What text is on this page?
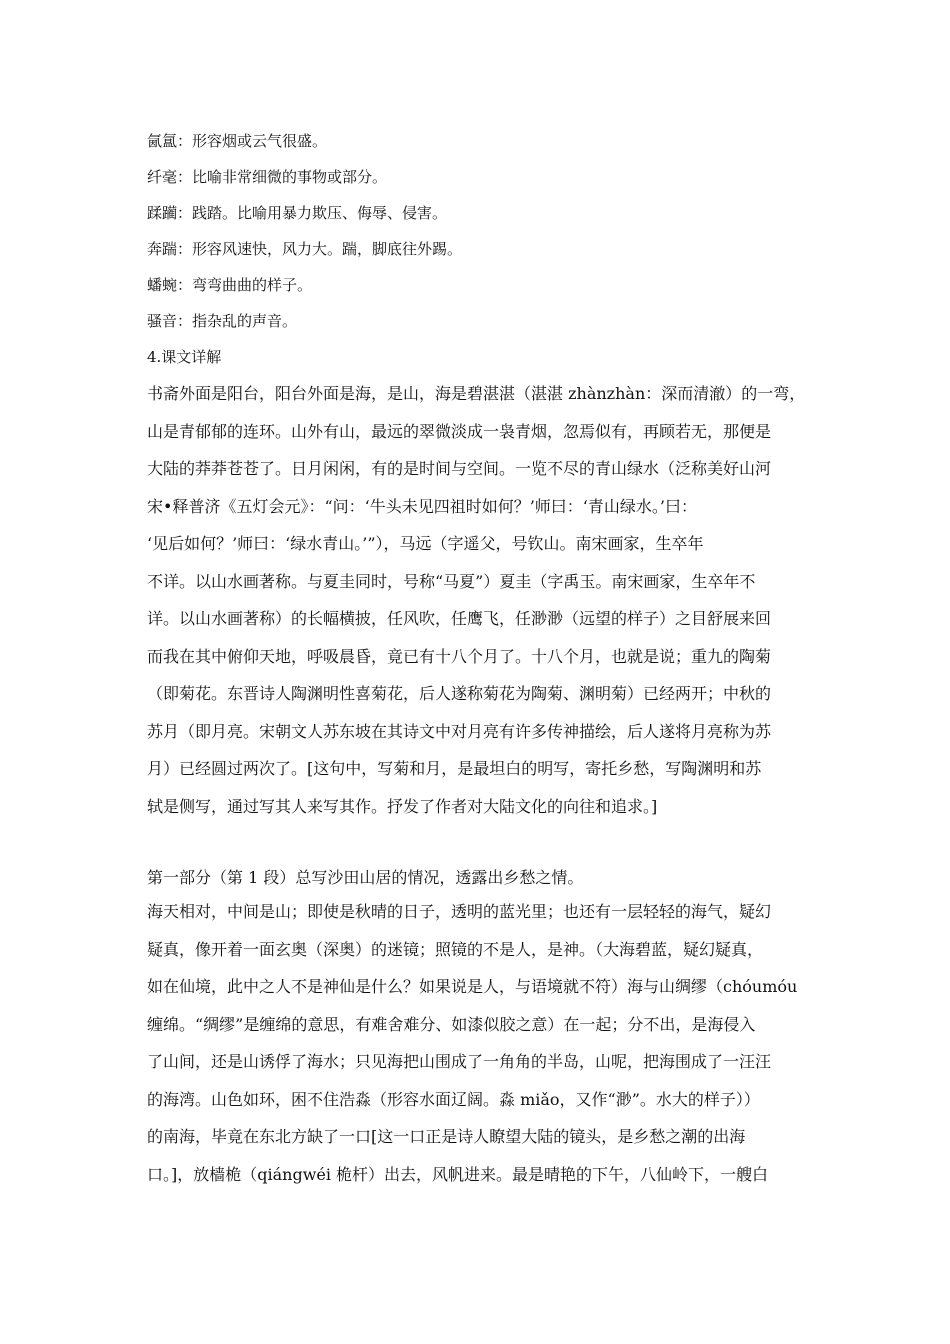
氤氲：形容烟或云气很盛。
纤毫：比喻非常细微的事物或部分。
蹂躏：践踏。比喻用暴力欺压、侮辱、侵害。
奔踹：形容风速快，风力大。踹，脚底往外踢。
蟠蜿：弯弯曲曲的样子。
骚音：指杂乱的声音。
4.课文详解
书斋外面是阳台，阳台外面是海，是山，海是碧湛湛（湛湛 zhànzhàn：深而清澈）的一弯，
山是青郁郁的连环。山外有山，最远的翠微淡成一袅青烟，忽焉似有，再顾若无，那便是
大陆的莽莽苍苍了。日月闲闲，有的是时间与空间。一览不尽的青山绿水（泛称美好山河
宋•释普济《五灯会元》：“问：‘牛头未见四祖时如何？’师曰：‘青山绿水。’曰：
‘见后如何？’师曰：‘绿水青山。’”），马远（字遥父，号钦山。南宋画家，生卒年
不详。以山水画著称。与夏圭同时，号称“马夏”）夏圭（字禹玉。南宋画家，生卒年不
详。以山水画著称）的长幅横披，任风吹，任鹰飞，任渺渺（远望的样子）之目舒展来回
而我在其中俯仰天地，呼吸晨昏，竟已有十八个月了。十八个月，也就是说；重九的陶菊
（即菊花。东晋诗人陶渊明性喜菊花，后人遂称菊花为陶菊、渊明菊）已经两开；中秋的
苏月（即月亮。宋朝文人苏东坡在其诗文中对月亮有许多传神描绘，后人遂将月亮称为苏
月）已经圆过两次了。[这句中，写菊和月，是最坦白的明写，寄托乡愁，写陶渊明和苏
轼是侧写，通过写其人来写其作。抒发了作者对大陆文化的向往和追求。]
第一部分（第 1 段）总写沙田山居的情况，透露出乡愁之情。
海天相对，中间是山；即使是秋晴的日子，透明的蓝光里；也还有一层轻轻的海气，疑幻
疑真，像开着一面玄奥（深奥）的迷镜；照镜的不是人，是神。（大海碧蓝，疑幻疑真，
如在仙境，此中之人不是神仙是什么？如果说是人，与语境就不符）海与山绸缪（chóumóu
缠绵。“绸缪”是缠绵的意思，有难舍难分、如漆似胶之意）在一起；分不出，是海侵入
了山间，还是山诱俘了海水；只见海把山围成了一角角的半岛，山呢，把海围成了一汪汪
的海湾。山色如环，困不住浩淼（形容水面辽阔。淼 miǎo，又作“渺”。水大的样子））
的南海，毕竟在东北方缺了一口[这一口正是诗人瞭望大陆的镜头，是乡愁之潮的出海
口。]，放樯桅（qiángwéi 桅杆）出去，风帆进来。最是晴艳的下午，八仙岭下，一艘白
